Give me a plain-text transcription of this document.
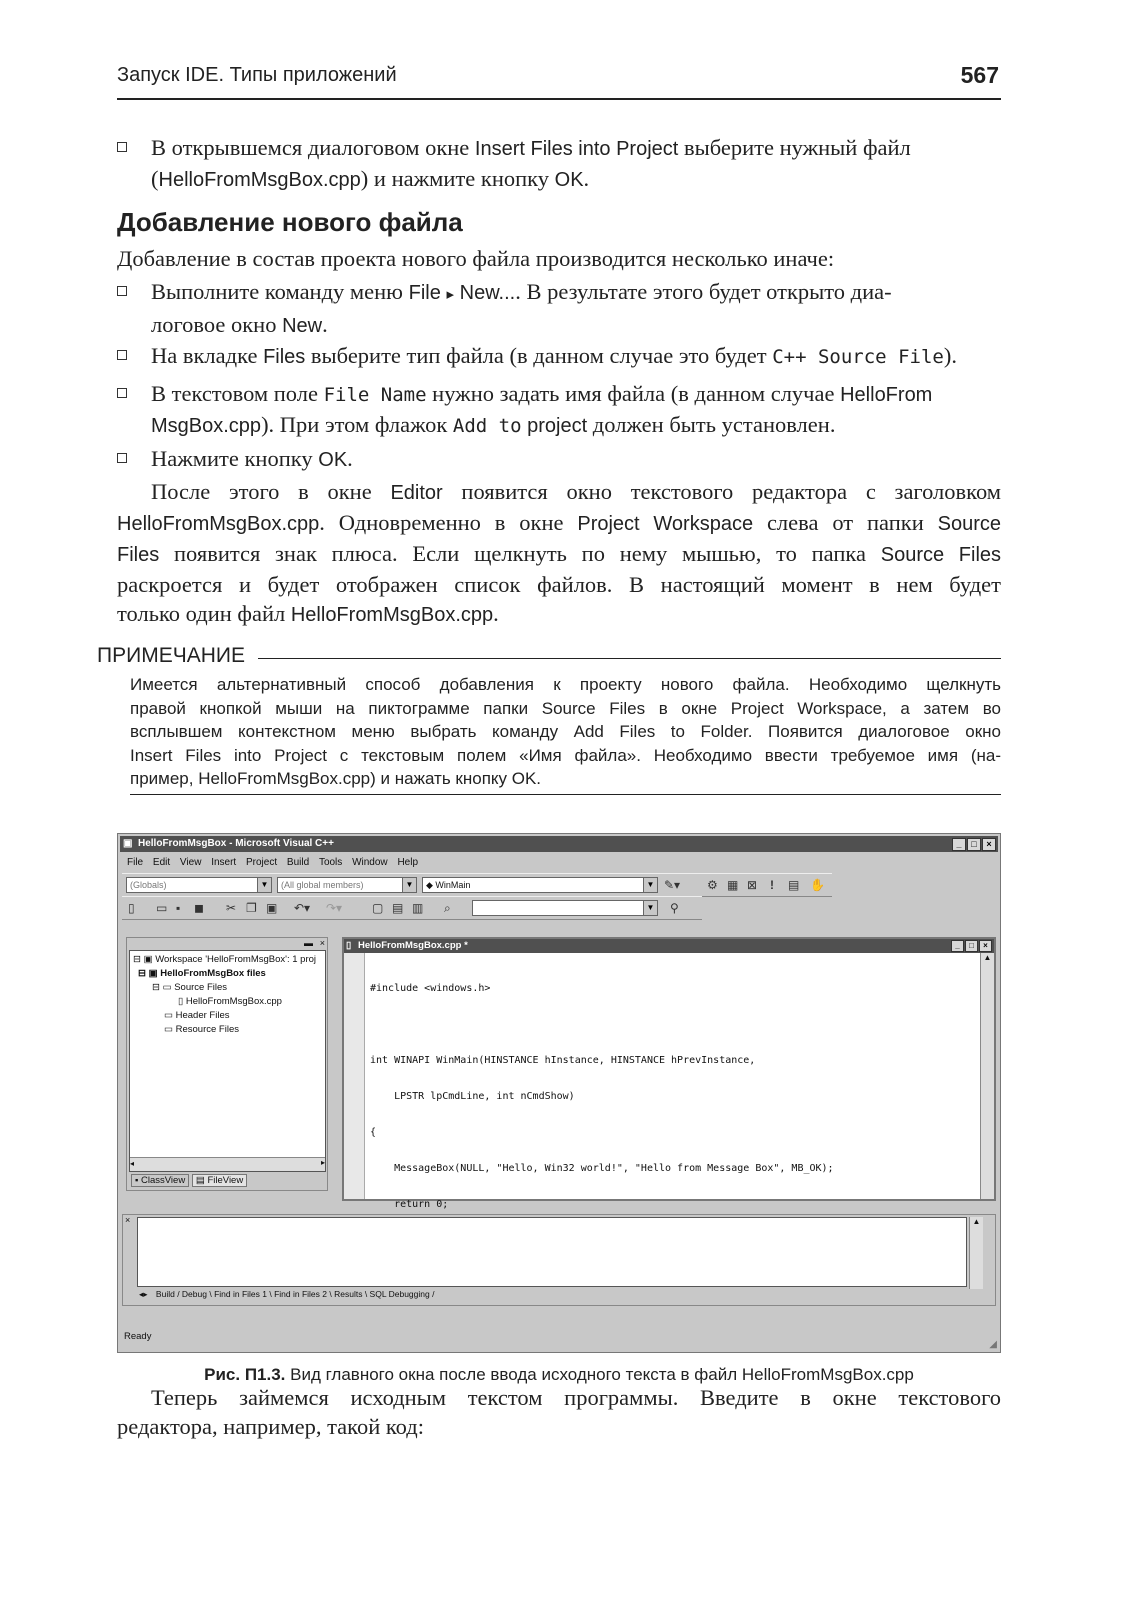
Запуск IDE. Типы приложений	567
В открывшемся диалоговом окне Insert Files into Project выберите нужный файл
(HelloFromMsgBox.cpp) и нажмите кнопку OK.
Добавление нового файла
Добавление в состав проекта нового файла производится несколько иначе:
Выполните команду меню File ▸ New.... В результате этого будет открыто диа-
логовое окно New.
На вкладке Files выберите тип файла (в данном случае это будет C++ Source File).
В текстовом поле File Name нужно задать имя файла (в данном случае HelloFrom
MsgBox.cpp). При этом флажок Add to project должен быть установлен.
Нажмите кнопку OK.
После этого в окне Editor появится окно текстового редактора с заголовком
HelloFromMsgBox.cpp. Одновременно в окне Project Workspace слева от папки Source
Files появится знак плюса. Если щелкнуть по нему мышью, то папка Source Files
раскроется и будет отображен список файлов. В настоящий момент в нем будет
только один файл HelloFromMsgBox.cpp.
ПРИМЕЧАНИЕ
Имеется альтернативный способ добавления к проекту нового файла. Необходимо щелкнуть
правой кнопкой мыши на пиктограмме папки Source Files в окне Project Workspace, а затем во
всплывшем контекстном меню выбрать команду Add Files to Folder. Появится диалоговое окно
Insert Files into Project с текстовым полем «Имя файла». Необходимо ввести требуемое имя (на-
пример, HelloFromMsgBox.cpp) и нажать кнопку OK.
▣ HelloFromMsgBox - Microsoft Visual C++	_	□	×
File Edit View Insert Project Build Tools Window Help
(Globals)	▼	(All global members)	▼	◆ WinMain	▼ ✎▾ ⚙ ▦ ⊠ ! ▤ ✋
▯ ▭ ▪ ◼ ✂ ❐ ▣ ↶▾ ↷▾ ▢ ▤ ▥ ⌕	▼ ⚲
▬ ×
⊟ ▣ Workspace 'HelloFromMsgBox': 1 proj
⊟ ▣ HelloFromMsgBox files
⊟ ▭ Source Files
▯ HelloFromMsgBox.cpp
▭ Header Files
▭ Resource Files
◂	▸
▪ ClassView ▤ FileView
▯ HelloFromMsgBox.cpp *	_	□	×

#include <windows.h>

int WINAPI WinMain(HINSTANCE hInstance, HINSTANCE hPrevInstance,

LPSTR lpCmdLine, int nCmdShow)

{

MessageBox(NULL, "Hello, Win32 world!", "Hello from Message Box", MB_OK);

return 0;

▲
×	▲
◂▸ Build / Debug \ Find in Files 1 \ Find in Files 2 \ Results \ SQL Debugging /
Ready
◢
Рис. П1.3. Вид главного окна после ввода исходного текста в файл HelloFromMsgBox.cpp
Теперь займемся исходным текстом программы. Введите в окне текстового
редактора, например, такой код:
